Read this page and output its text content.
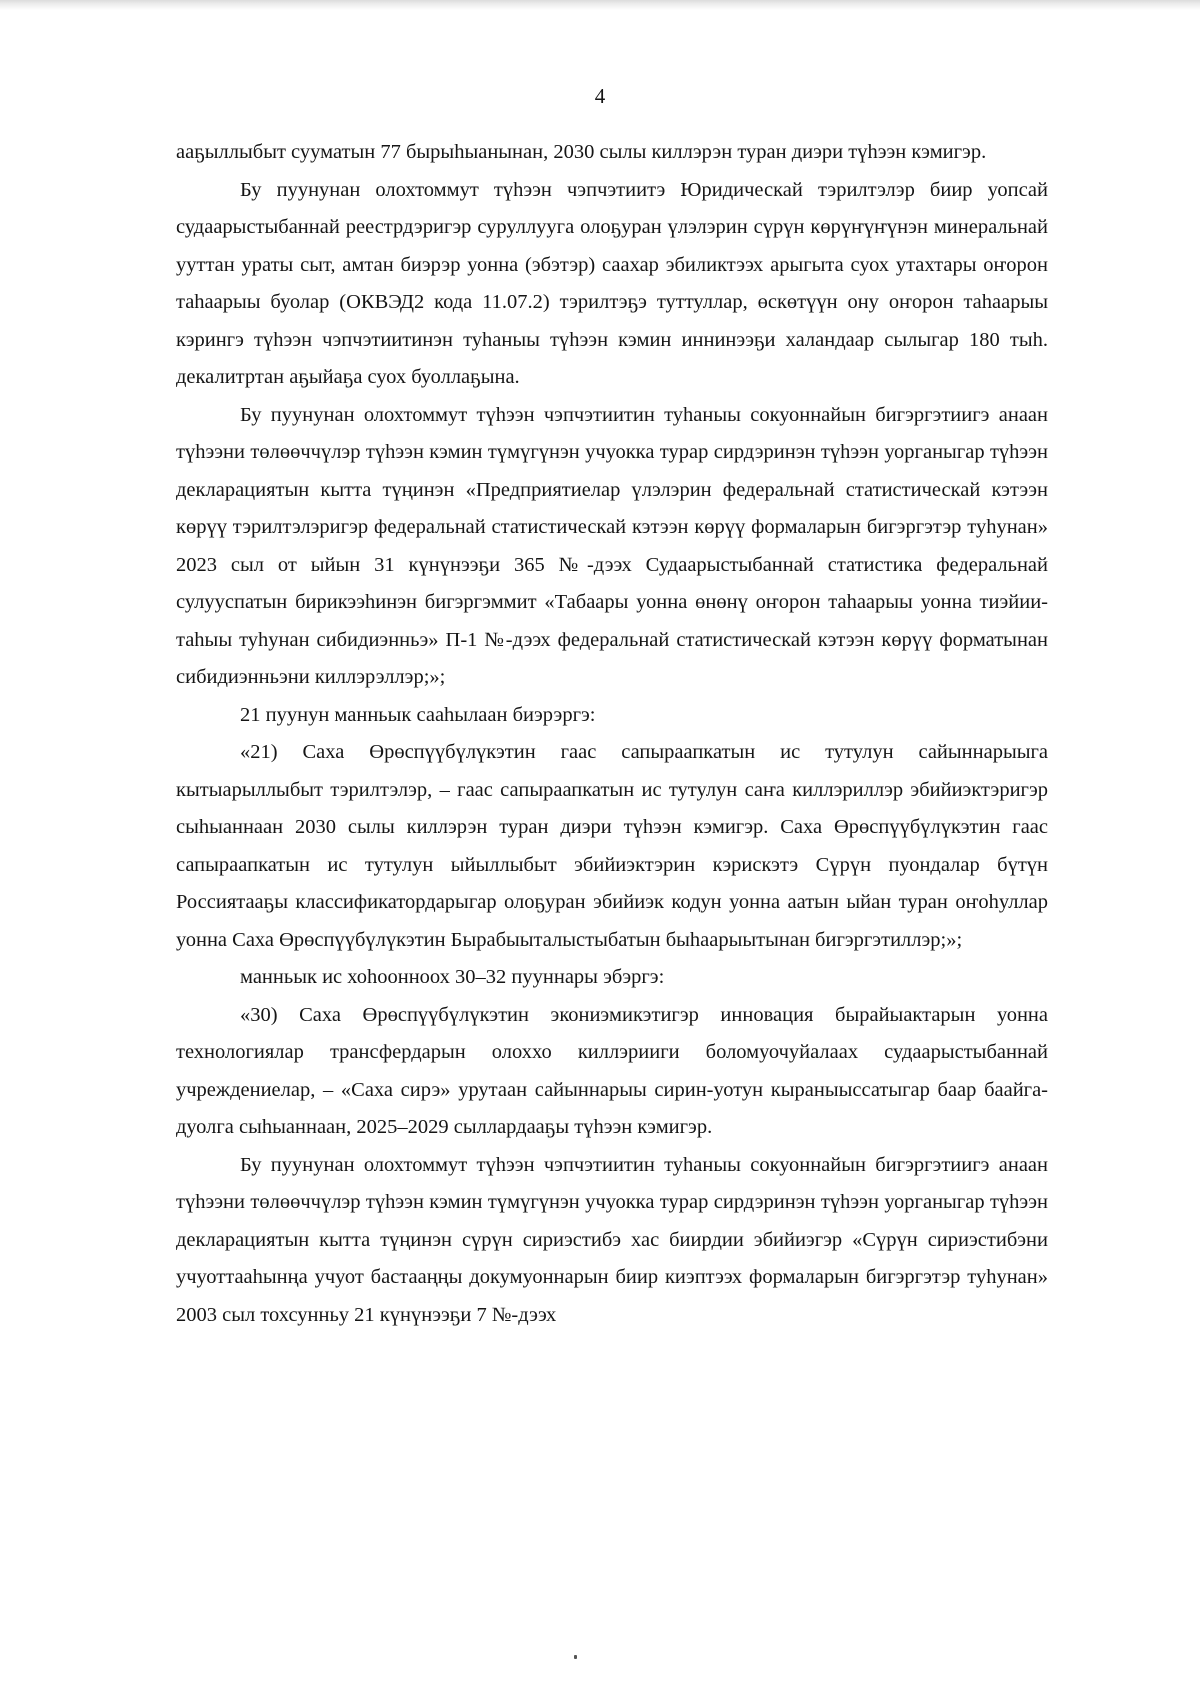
4

ааҕыллыбыт сууматын 77 бырыһыанынан, 2030 сылы киллэрэн туран диэри түһээн кэмигэр.

Бу пуунунан олохтоммут түһээн чэпчэтиитэ Юридическай тэрилтэлэр биир уопсай судаарыстыбаннай реестрдэригэр суруллууга олоҕуран үлэлэрин сүрүн көрүҥүҥүнэн минеральнай ууттан ураты сыт, амтан биэрэр уонна (эбэтэр) саахар эбиликтээх арыгыта суох утахтары оҥорон таһаарыы буолар (ОКВЭД2 кода 11.07.2) тэрилтэҕэ туттуллар, өскөтүүн ону оҥорон таһаарыы кэрингэ түһээн чэпчэтиитинэн туһаныы түһээн кэмин иннинээҕи халандаар сылыгар 180 тыһ. декалитртан аҕыйаҕа суох буоллаҕына.

Бу пуунунан олохтоммут түһээн чэпчэтиитин туһаныы сокуоннайын бигэргэтиигэ анаан түһээни төлөөччүлэр түһээн кэмин түмүгүнэн учуокка турар сирдэринэн түһээн уорганыгар түһээн декларациятын кытта түңинэн «Предприятиелар үлэлэрин федеральнай статистическай кэтээн көрүү тэрилтэлэригэр федеральнай статистическай кэтээн көрүү формаларын бигэргэтэр туһунан» 2023 сыл от ыйын 31 күнүнээҕи 365 №-дээх Судаарыстыбаннай статистика федеральнай сулууспатын бирикээһинэн бигэргэммит «Табаары уонна өнөнү оҥорон таһаарыы уонна тиэйии-таһыы туһунан сибидиэнньэ» П-1 №-дээх федеральнай статистическай кэтээн көрүү форматынан сибидиэнньэни киллэрэллэр;»;

21 пуунун манньык сааһылаан биэрэргэ:

«21) Саха Өрөспүүбүлүкэтин гаас сапыраапкатын ис тутулун сайыннарыыга кытыарыллыбыт тэрилтэлэр, – гаас сапыраапкатын ис тутулун саҥа киллэриллэр эбийиэктэригэр сыһыаннаан 2030 сылы киллэрэн туран диэри түһээн кэмигэр. Саха Өрөспүүбүлүкэтин гаас сапыраапкатын ис тутулун ыйыллыбыт эбийиэктэрин кэрискэтэ Сүрүн пуондалар бүтүн Россиятааҕы классификатордарыгар олоҕуран эбийиэк кодун уонна аатын ыйан туран оҥоһуллар уонна Саха Өрөспүүбүлүкэтин Бырабыыталыстыбатын быһаарыытынан бигэргэтиллэр;»;

манньык ис хоһоонноох 30–32 пууннары эбэргэ:

«30) Саха Өрөспүүбүлүкэтин экониэмикэтигэр инновация бырайыактарын уонна технологиялар трансфердарын олоххо киллэрииги боломуочуйалаах судаарыстыбаннай учреждениелар, – «Саха сирэ» урутаан сайыннарыы сирин-уотун кыраныыссатыгар баар баайга-дуолга сыһыаннаан, 2025–2029 сыллардааҕы түһээн кэмигэр.

Бу пуунунан олохтоммут түһээн чэпчэтиитин туһаныы сокуоннайын бигэргэтиигэ анаан түһээни төлөөччүлэр түһээн кэмин түмүгүнэн учуокка турар сирдэринэн түһээн уорганыгар түһээн декларациятын кытта түңинэн сүрүн сириэстибэ хас биирдии эбийиэгэр «Сүрүн сириэстибэни учуоттааһынңа учуот бастааңңы докумуоннарын биир киэптээх формаларын бигэргэтэр туһунан» 2003 сыл тохсунньу 21 күнүнээҕи 7 №-дээх
